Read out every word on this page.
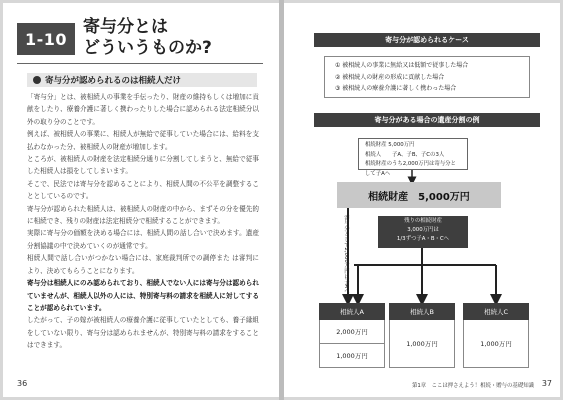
1-10
寄与分とは
どういうものか?
寄与分が認められるのは相続人だけ

「寄与分」とは、被相続人の事業を手伝ったり、財産の維持もしくは増加に貢献をしたり、療養介護に著しく携わったりした場合に認められる法定相続分以外の取り分のことです。

例えば、被相続人の事業に、相続人が無給で従事していた場合には、給料を支払わなかった分、被相続人の財産が増加します。

ところが、被相続人の財産を法定相続分通りに分割してしまうと、無給で従事した相続人は損をしてしまいます。

そこで、民法では寄与分を認めることにより、相続人間の不公平を調整することとしているのです。

寄与分が認められた相続人は、被相続人の財産の中から、まずその分を優先的に相続でき、残りの財産は法定相続分で相続することができます。

実際に寄与分の価額を決める場合には、相続人間の話し合いで決めます。遺産分割協議の中で決めていくのが通常です。

相続人間で話し合いがつかない場合には、家庭裁判所での調停また は審判により、決めてもらうことになります。

寄与分は相続人にのみ認められており、相続人でない人には寄与分は認められていませんが、相続人以外の人には、特別寄与料の請求を相続人に対してすることが認められています。

したがって、子の嫁が被相続人の療養介護に従事していたとしても、養子縁組をしていない限り、寄与分は認められませんが、特別寄与料の請求をすることはできます。

36
寄与分が認められるケース
① 被相続人の事業に無給又は低額で従事した場合
② 被相続人の財産の形成に貢献した場合
③ 被相続人の療養介護に著しく携わった場合
寄与分がある場合の遺産分割の例
相続財産 5,000万円
相続人　　子A、子B、子Cの3人
相続財産のうち2,000万円は寄与分として子Aへ
相続財産　5,000万円
寄与分として2,000万円は子Aへ	残りの相続財産
3,000万円は
1/3ずつ子A・B・Cへ
相続人A
2,000万円
1,000万円
相続人B
1,000万円
相続人C
1,000万円
第1章　ここは押さえよう！相続・贈与の基礎知識 37
